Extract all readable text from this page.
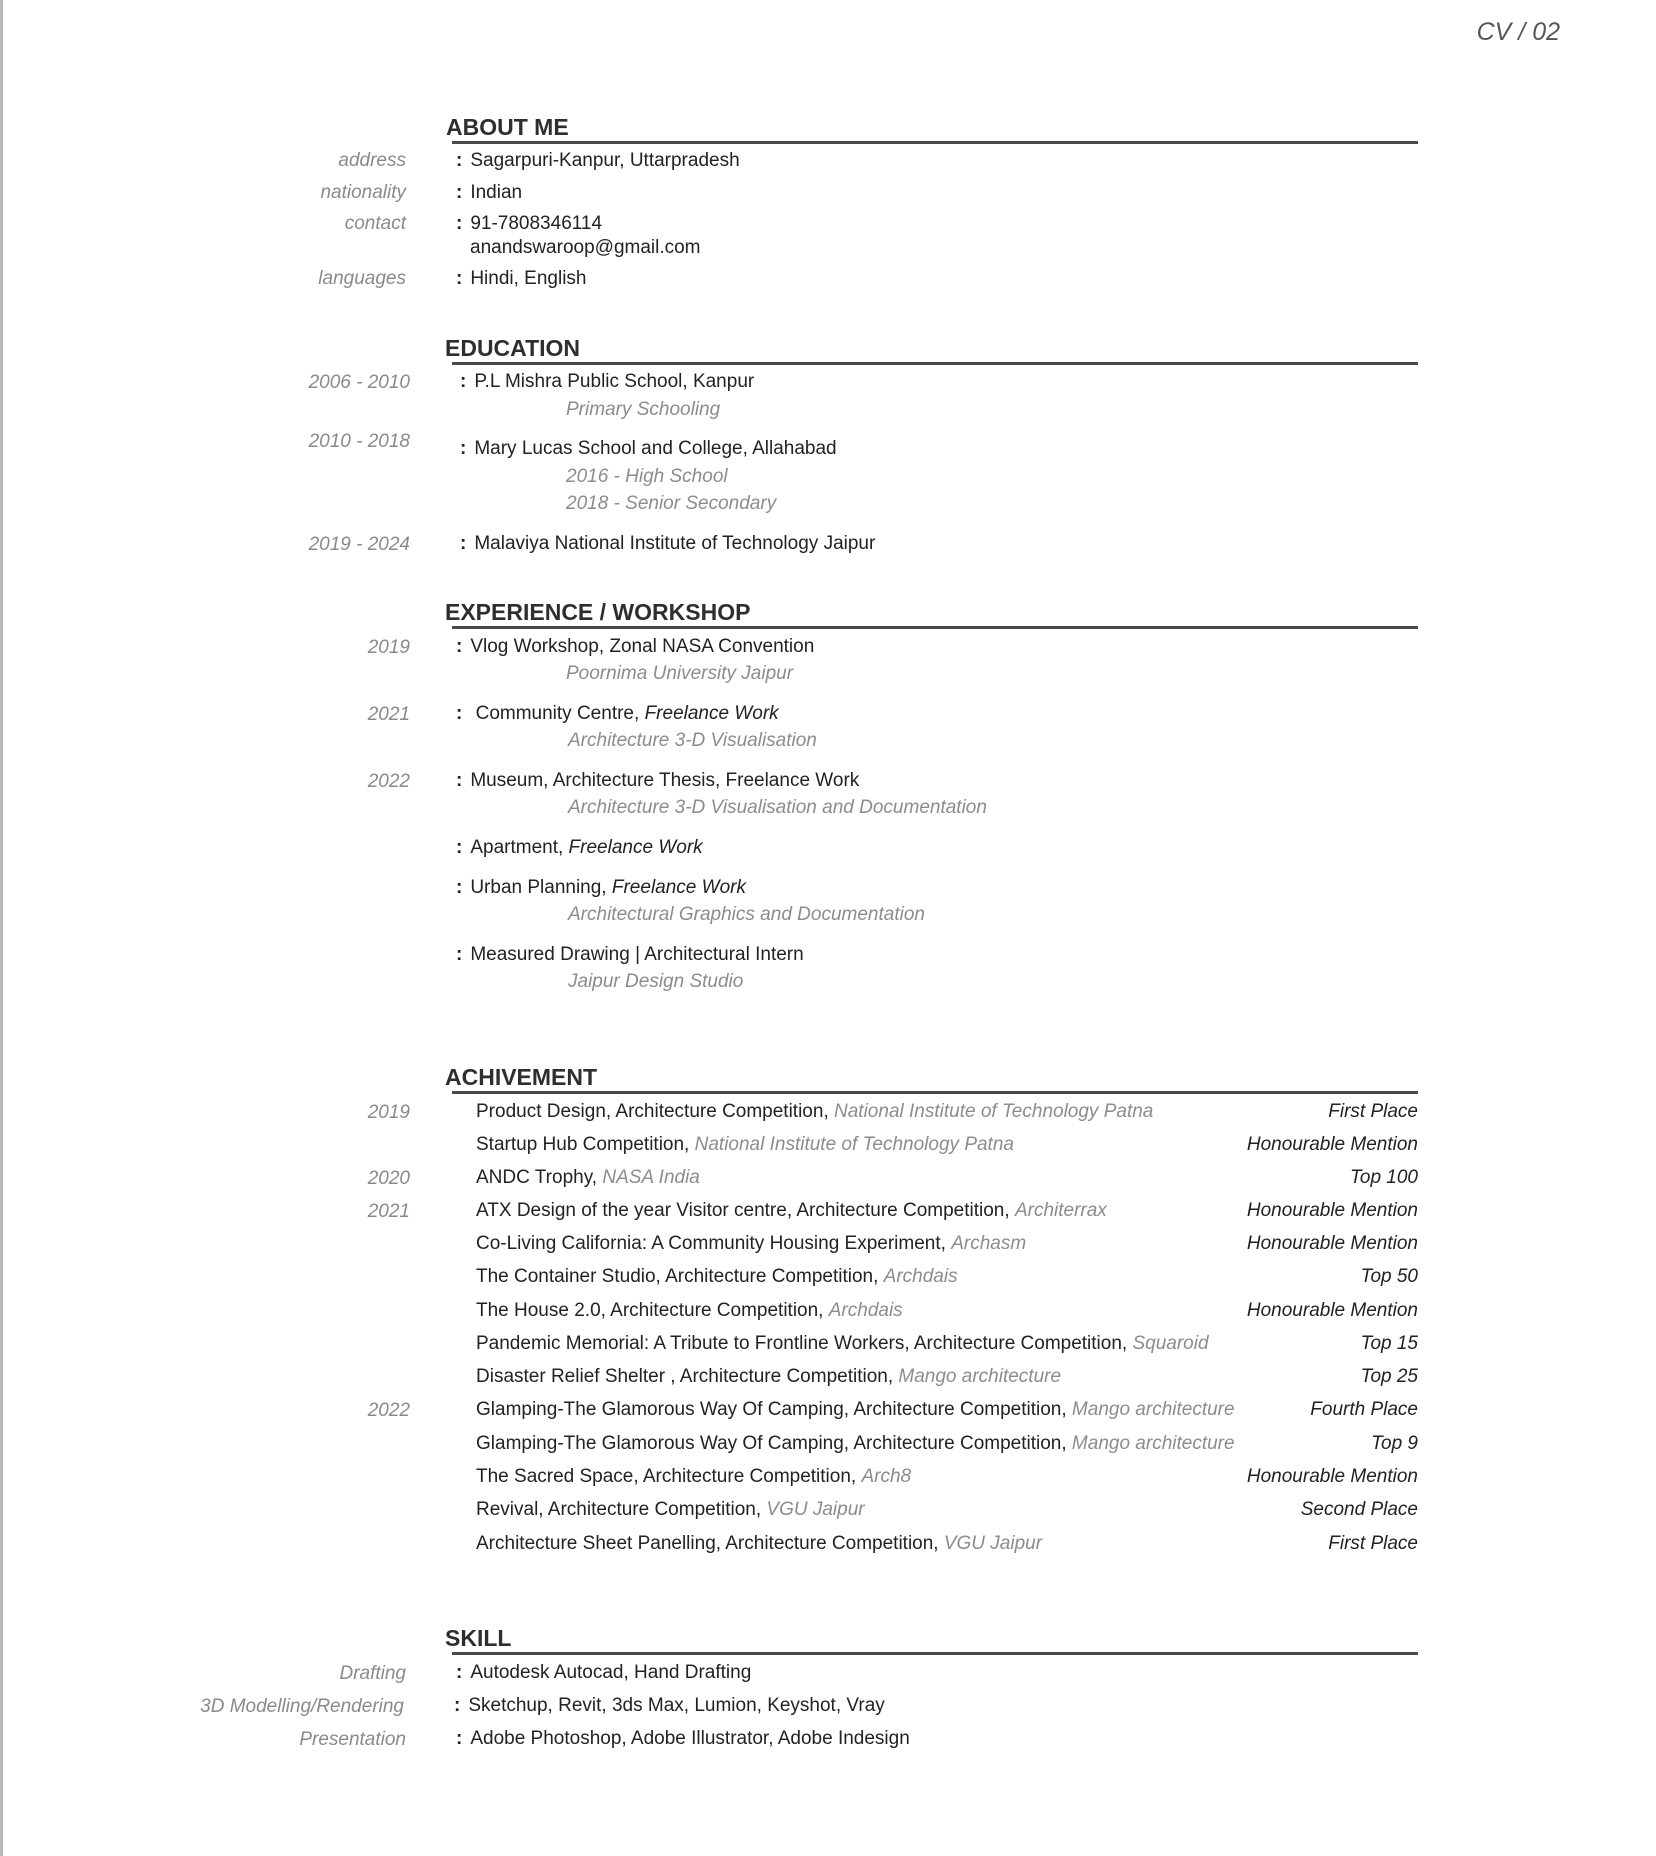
CV / 02
ABOUT ME
address	: Sagarpuri-Kanpur, Uttarpradesh
nationality	: Indian
contact	: 91-7808346114
anandswaroop@gmail.com
languages	: Hindi, English
EDUCATION
2006 - 2010	: P.L Mishra Public School, Kanpur
Primary Schooling
2010 - 2018	: Mary Lucas School and College, Allahabad
2016 - High School
2018 - Senior Secondary
2019 - 2024	: Malaviya National Institute of Technology Jaipur
EXPERIENCE / WORKSHOP
2019 : Vlog Workshop, Zonal NASA Convention
Poornima University Jaipur
2021 : Community Centre, Freelance Work
Architecture 3-D Visualisation
2022 : Museum, Architecture Thesis, Freelance Work
Architecture 3-D Visualisation and Documentation
: Apartment, Freelance Work
: Urban Planning, Freelance Work
Architectural Graphics and Documentation
: Measured Drawing | Architectural Intern
Jaipur Design Studio
ACHIVEMENT
2019	Product Design, Architecture Competition, National Institute of Technology Patna	First Place
Startup Hub Competition, National Institute of Technology Patna	Honourable Mention
2020	ANDC Trophy, NASA India	Top 100
2021	ATX Design of the year Visitor centre, Architecture Competition, Architerrax	Honourable Mention
Co-Living California: A Community Housing Experiment, Archasm	Honourable Mention
The Container Studio, Architecture Competition, Archdais	Top 50
The House 2.0, Architecture Competition, Archdais	Honourable Mention
Pandemic Memorial: A Tribute to Frontline Workers, Architecture Competition, Squaroid	Top 15
Disaster Relief Shelter , Architecture Competition, Mango architecture	Top 25
2022	Glamping-The Glamorous Way Of Camping, Architecture Competition, Mango architecture	Fourth Place
Glamping-The Glamorous Way Of Camping, Architecture Competition, Mango architecture	Top 9
The Sacred Space, Architecture Competition, Arch8	Honourable Mention
Revival, Architecture Competition, VGU Jaipur	Second Place
Architecture Sheet Panelling, Architecture Competition, VGU Jaipur	First Place
SKILL
Drafting	: Autodesk Autocad, Hand Drafting
3D Modelling/Rendering	: Sketchup, Revit, 3ds Max, Lumion, Keyshot, Vray
Presentation	: Adobe Photoshop, Adobe Illustrator, Adobe Indesign
